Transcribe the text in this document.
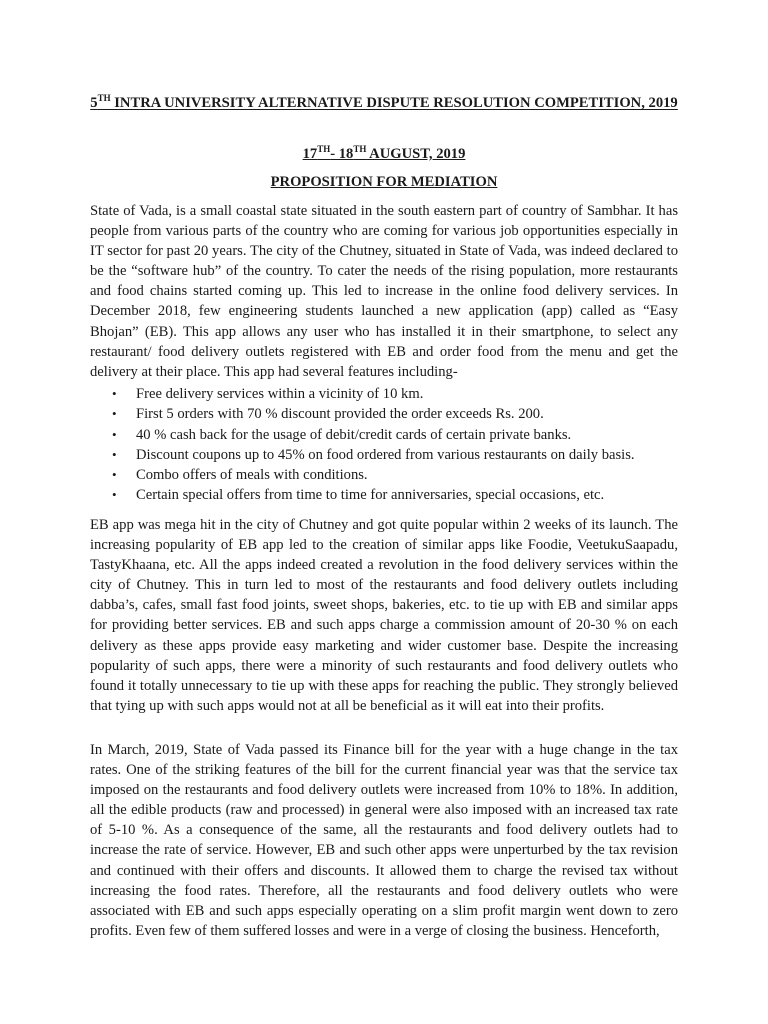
5TH INTRA UNIVERSITY ALTERNATIVE DISPUTE RESOLUTION COMPETITION, 2019
17TH- 18TH AUGUST, 2019
PROPOSITION FOR MEDIATION

State of Vada, is a small coastal state situated in the south eastern part of country of Sambhar. It has people from various parts of the country who are coming for various job opportunities especially in IT sector for past 20 years. The city of the Chutney, situated in State of Vada, was indeed declared to be the “software hub” of the country. To cater the needs of the rising population, more restaurants and food chains started coming up. This led to increase in the online food delivery services. In December 2018, few engineering students launched a new application (app) called as “Easy Bhojan” (EB). This app allows any user who has installed it in their smartphone, to select any restaurant/ food delivery outlets registered with EB and order food from the menu and get the delivery at their place. This app had several features including-

• Free delivery services within a vicinity of 10 km.
• First 5 orders with 70 % discount provided the order exceeds Rs. 200.
• 40 % cash back for the usage of debit/credit cards of certain private banks.
• Discount coupons up to 45% on food ordered from various restaurants on daily basis.
• Combo offers of meals with conditions.
• Certain special offers from time to time for anniversaries, special occasions, etc.

EB app was mega hit in the city of Chutney and got quite popular within 2 weeks of its launch. The increasing popularity of EB app led to the creation of similar apps like Foodie, VeetukuSaapadu, TastyKhaana, etc. All the apps indeed created a revolution in the food delivery services within the city of Chutney. This in turn led to most of the restaurants and food delivery outlets including dabba’s, cafes, small fast food joints, sweet shops, bakeries, etc. to tie up with EB and similar apps for providing better services. EB and such apps charge a commission amount of 20-30 % on each delivery as these apps provide easy marketing and wider customer base. Despite the increasing popularity of such apps, there were a minority of such restaurants and food delivery outlets who found it totally unnecessary to tie up with these apps for reaching the public. They strongly believed that tying up with such apps would not at all be beneficial as it will eat into their profits.

In March, 2019, State of Vada passed its Finance bill for the year with a huge change in the tax rates. One of the striking features of the bill for the current financial year was that the service tax imposed on the restaurants and food delivery outlets were increased from 10% to 18%. In addition, all the edible products (raw and processed) in general were also imposed with an increased tax rate of 5-10 %. As a consequence of the same, all the restaurants and food delivery outlets had to increase the rate of service. However, EB and such other apps were unperturbed by the tax revision and continued with their offers and discounts. It allowed them to charge the revised tax without increasing the food rates. Therefore, all the restaurants and food delivery outlets who were associated with EB and such apps especially operating on a slim profit margin went down to zero profits. Even few of them suffered losses and were in a verge of closing the business. Henceforth,
